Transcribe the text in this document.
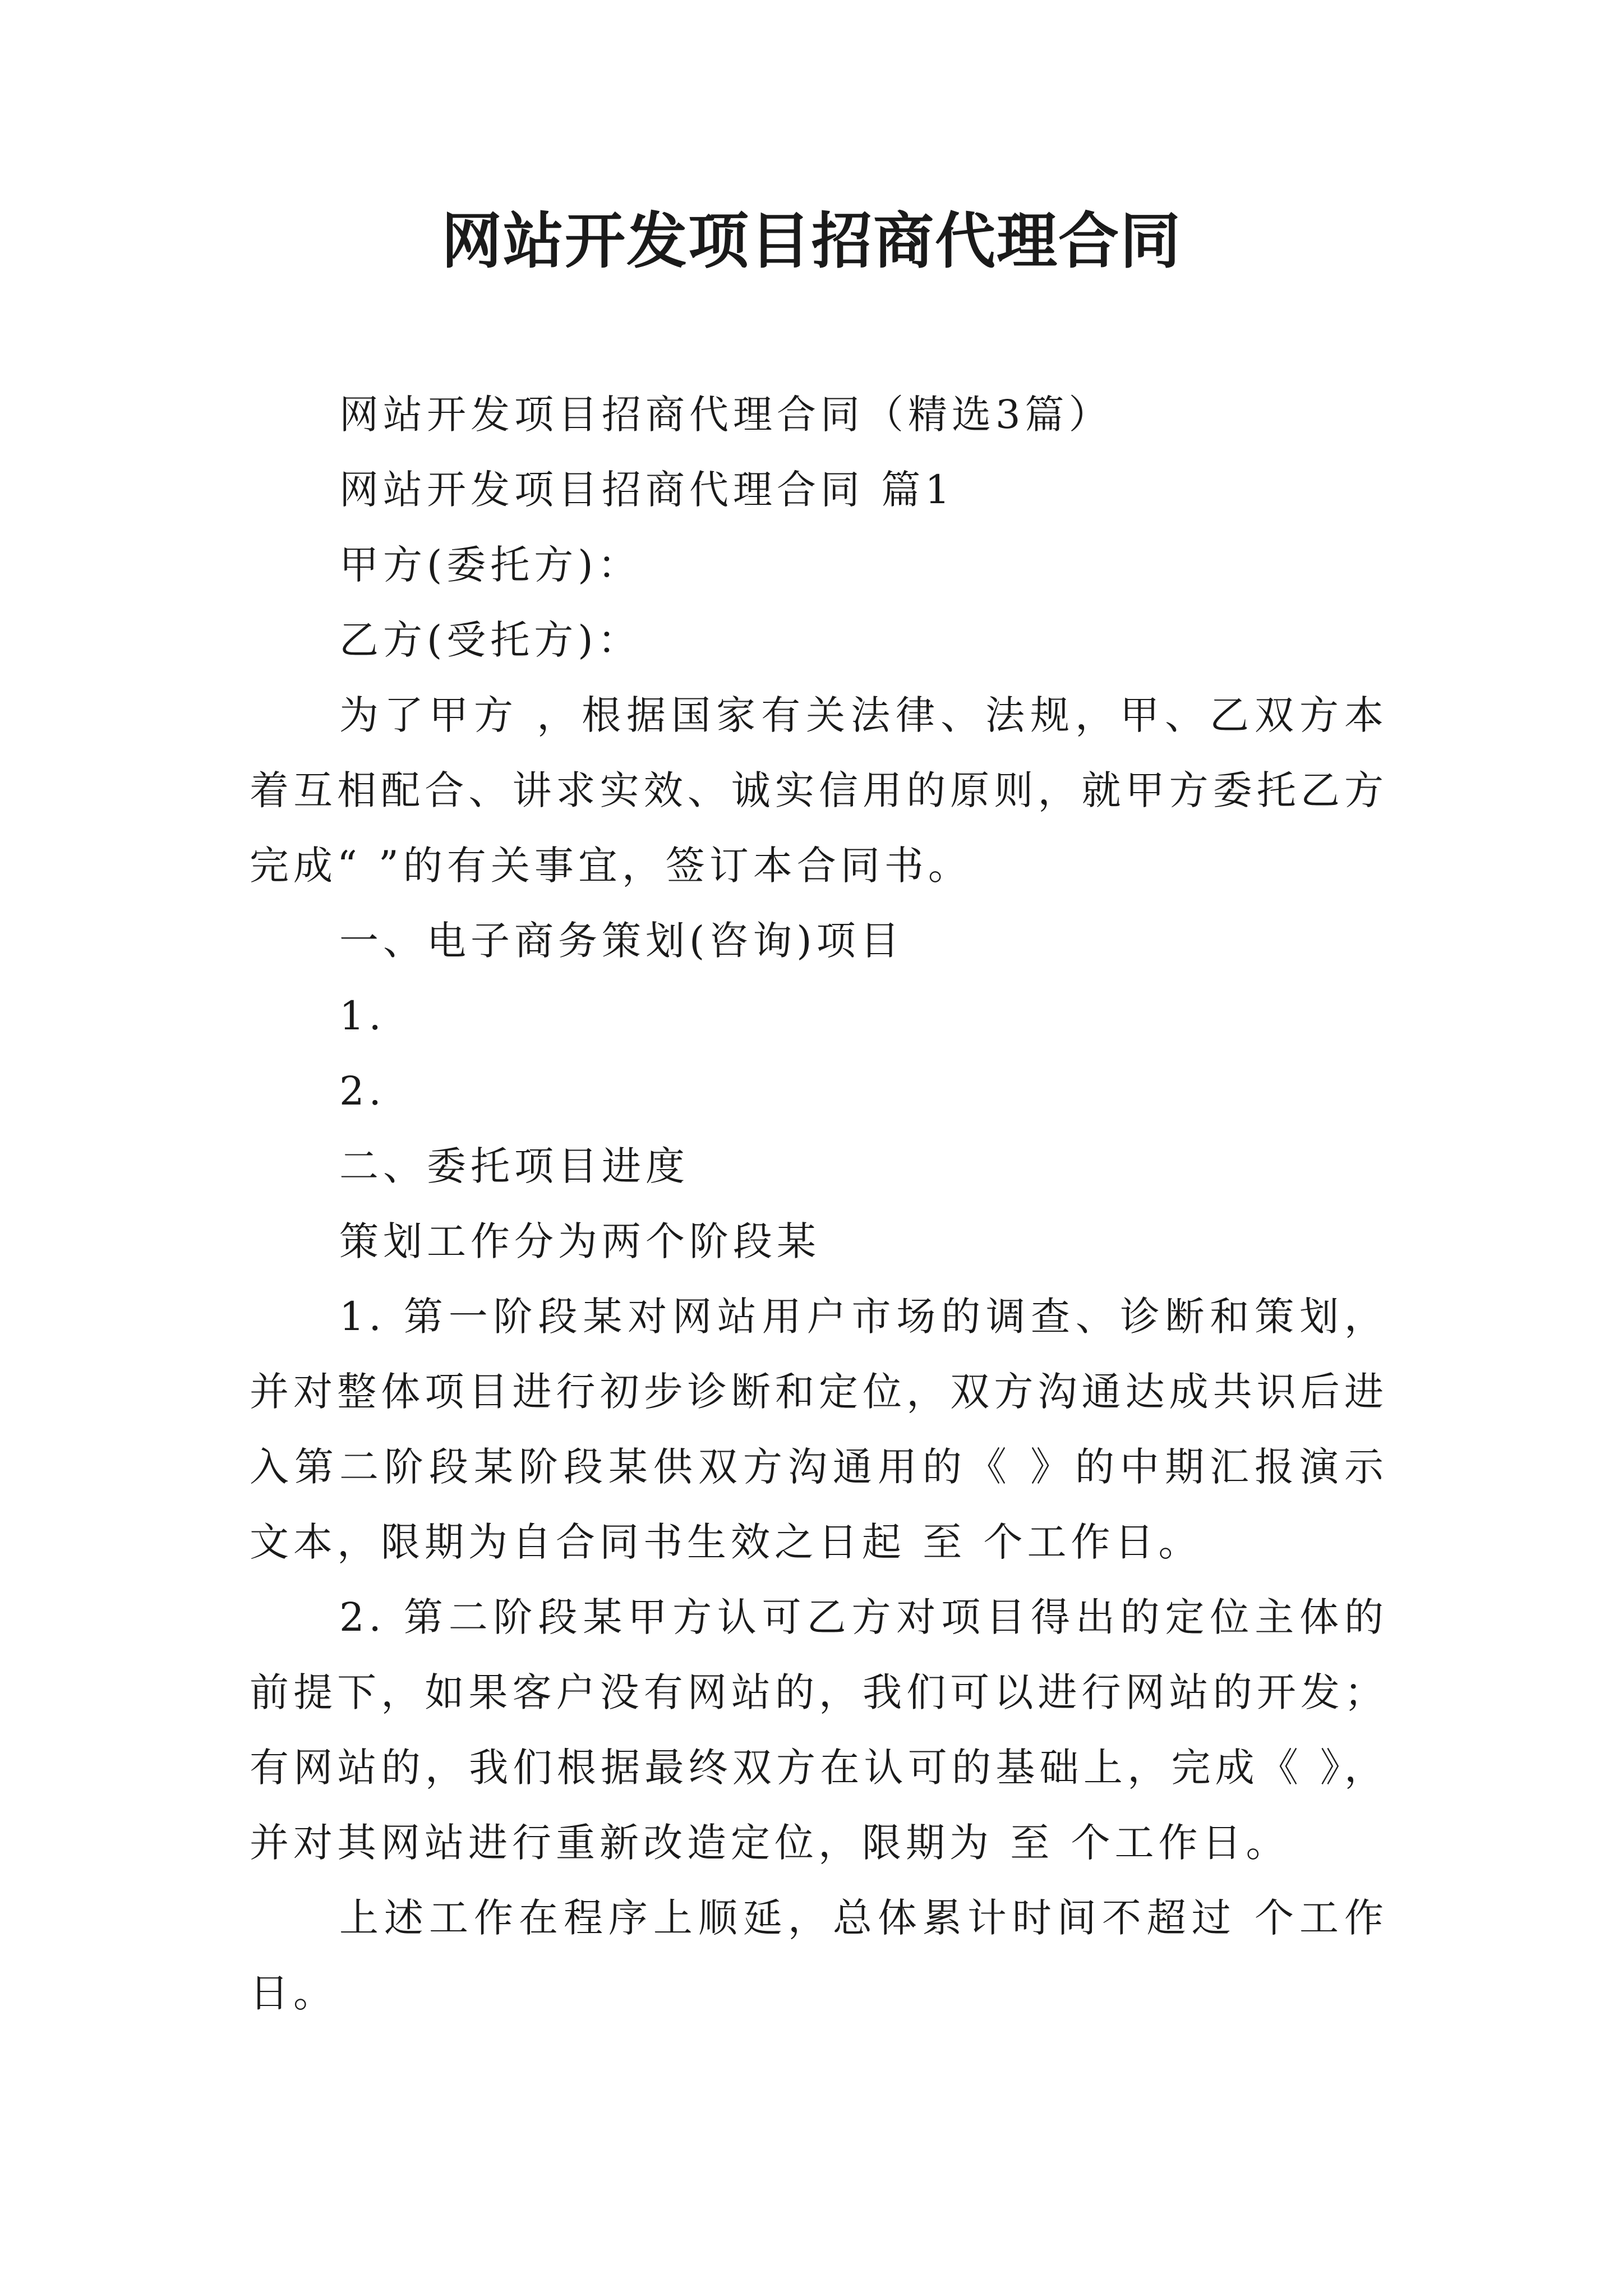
网站开发项目招商代理合同

网站开发项目招商代理合同（精选3篇）

网站开发项目招商代理合同 篇1

甲方(委托方)：

乙方(受托方)：

为了甲方 ，根据国家有关法律、法规，甲、乙双方本着互相配合、讲求实效、诚实信用的原则，就甲方委托乙方完成“ ”的有关事宜，签订本合同书。

一、电子商务策划(咨询)项目

1.

2.

二、委托项目进度

策划工作分为两个阶段某

1. 第一阶段某对网站用户市场的调查、诊断和策划，并对整体项目进行初步诊断和定位，双方沟通达成共识后进入第二阶段某阶段某供双方沟通用的《 》的中期汇报演示文本，限期为自合同书生效之日起 至 个工作日。

2. 第二阶段某甲方认可乙方对项目得出的定位主体的前提下，如果客户没有网站的，我们可以进行网站的开发；有网站的，我们根据最终双方在认可的基础上，完成《 》，并对其网站进行重新改造定位，限期为 至 个工作日。

上述工作在程序上顺延，总体累计时间不超过 个工作日。
